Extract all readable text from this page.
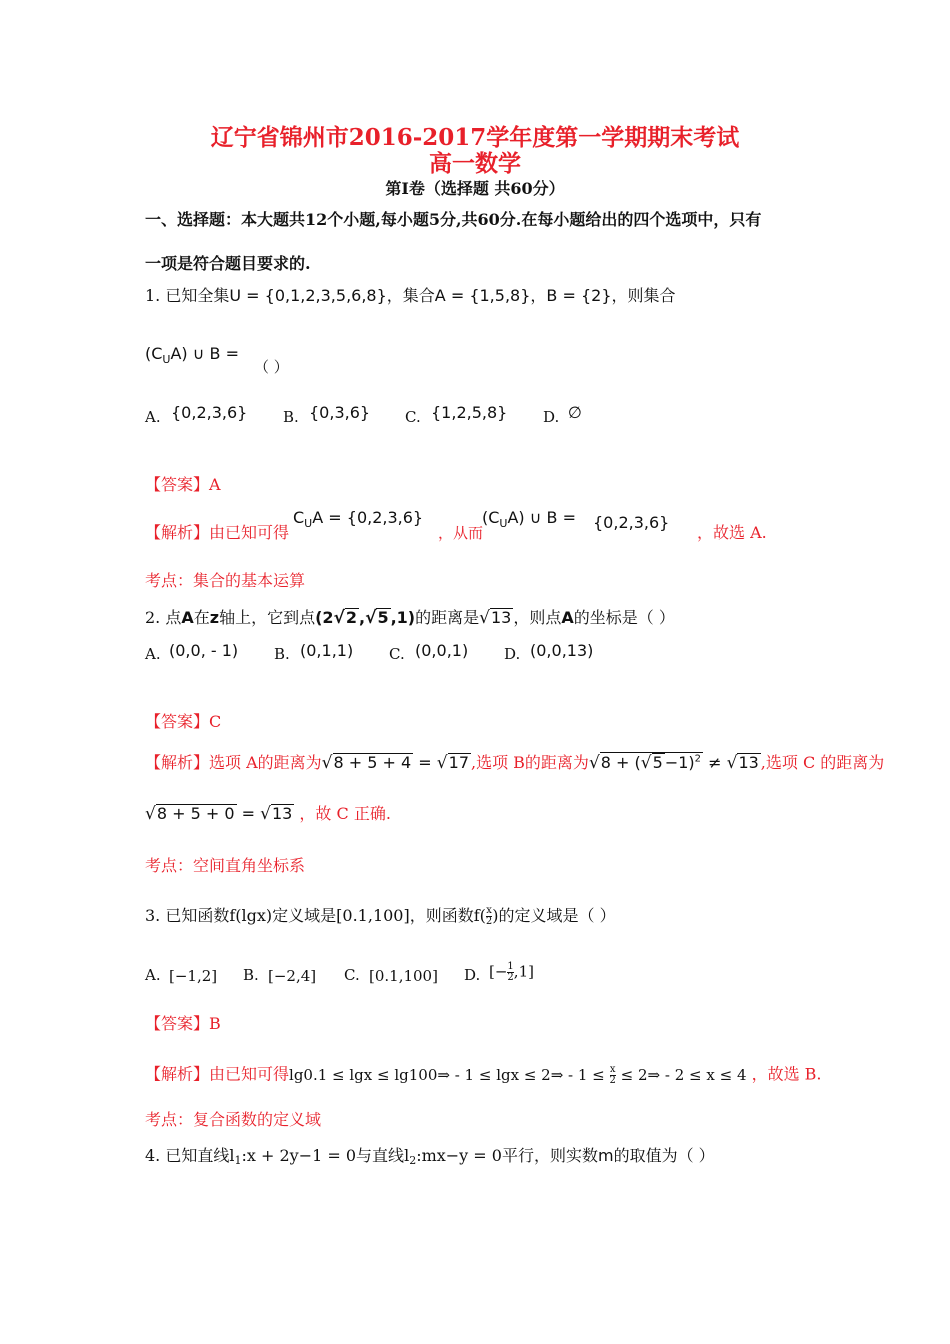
辽宁省锦州市2016-2017学年度第一学期期末考试
高一数学
第Ⅰ卷（选择题 共60分）
一、选择题：本大题共12个小题,每小题5分,共60分.在每小题给出的四个选项中，只有
一项是符合题目要求的.
1. 已知全集U = {0,1,2,3,5,6,8}，集合A = {1,5,8}，B = {2}，则集合
$(C_UA)$ ∪ B =
（ ）
A. {0,2,3,6} B. {0,3,6} C. {1,2,5,8} D. ∅
【答案】A
【解析】由已知可得
$C_UA = \{0,2,3,6\}$
，从而
$(C_UA)$ ∪ B = {0,2,3,6}
，故选 A.
考点：集合的基本运算
2. 点A在z轴上，它到点(2√2 ,√5 ,1)的距离是√13 ，则点A的坐标是（ ）
A. (0,0, - 1) B. (0,1,1) C. (0,0,1) D. (0,0,13)
【答案】C
【解析】选项 A的距离为√8 + 5 + 4 = √17 ,选项 B的距离为$√8 + (√5 -1)^2 \ne √13$ ,选项 C 的距离为
√8 + 5 + 0 = √13 ，故 C 正确.
考点：空间直角坐标系
3. 已知函数f(lgx)定义域是[0.1,100]，则函数$f( \frac{x}{2}$ )的定义域是（ ）
A. [−1,2] B. [−2,4] C. [0.1,100] D. [− $\frac{1}{2} ,1$]
【答案】B
【解析】由已知可得lg0.1 ≤ lgx ≤ lg100⇒ - 1 ≤ lgx ≤ 2⇒ - $1 \le \frac{x}{2}$ ≤ 2⇒ - 2 ≤ x ≤ 4 ，故选 B.
考点：复合函数的定义域
4. 已知直线l1:x + 2y−1 = 0与直线l2:mx−y = 0平行，则实数m的取值为（ ）
